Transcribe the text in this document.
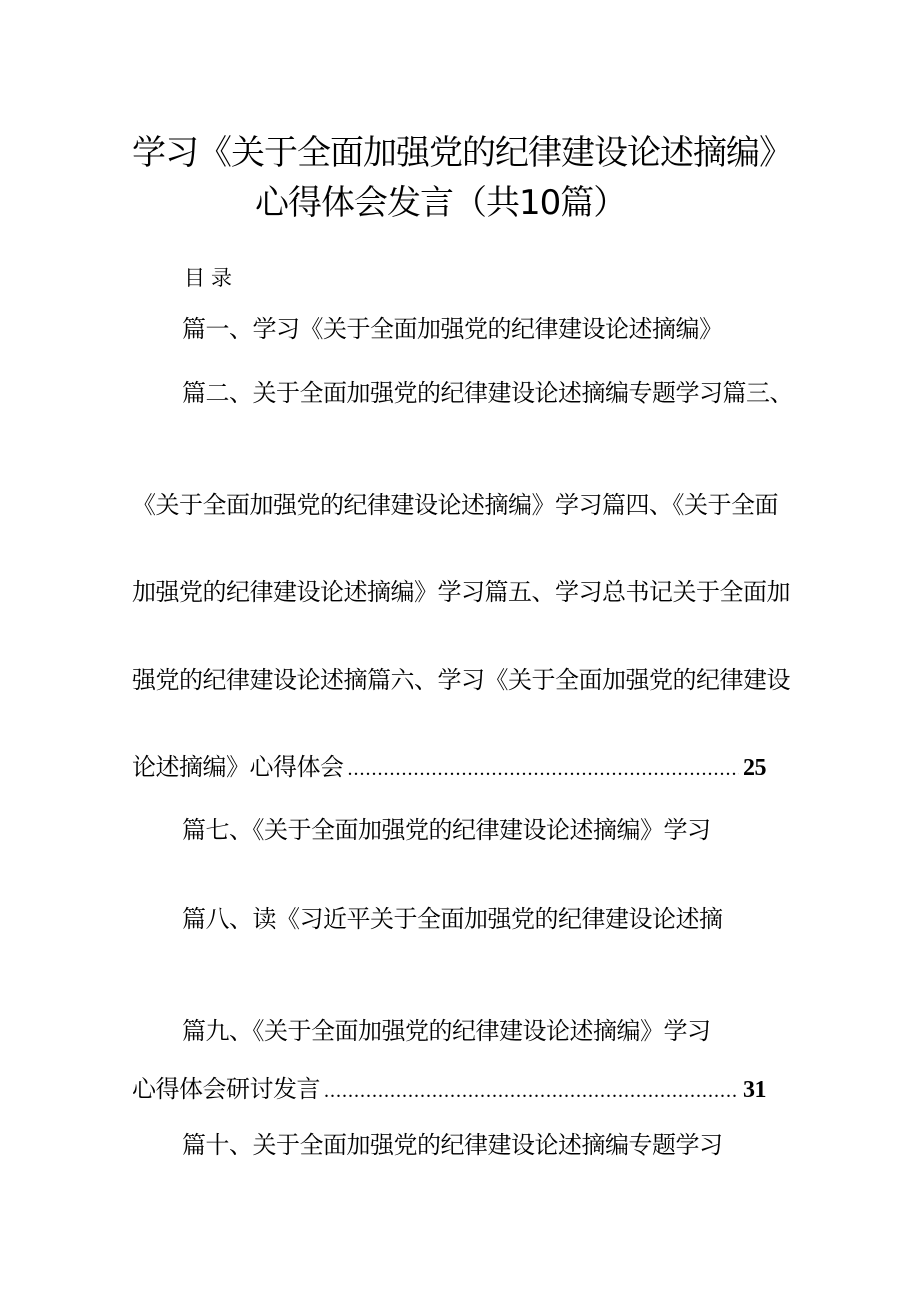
学习《关于全面加强党的纪律建设论述摘编》
心得体会发言（共10篇）
目录
篇一、学习《关于全面加强党的纪律建设论述摘编》
篇二、关于全面加强党的纪律建设论述摘编专题学习篇三、
《关于全面加强党的纪律建设论述摘编》学习篇四、《关于全面
加强党的纪律建设论述摘编》学习篇五、学习总书记关于全面加
强党的纪律建设论述摘篇六、学习《关于全面加强党的纪律建设
论述摘编》心得体会 .....	25
篇七、《关于全面加强党的纪律建设论述摘编》学习
篇八、读《习近平关于全面加强党的纪律建设论述摘
篇九、《关于全面加强党的纪律建设论述摘编》学习
心得体会研讨发言 .....	31
篇十、关于全面加强党的纪律建设论述摘编专题学习
